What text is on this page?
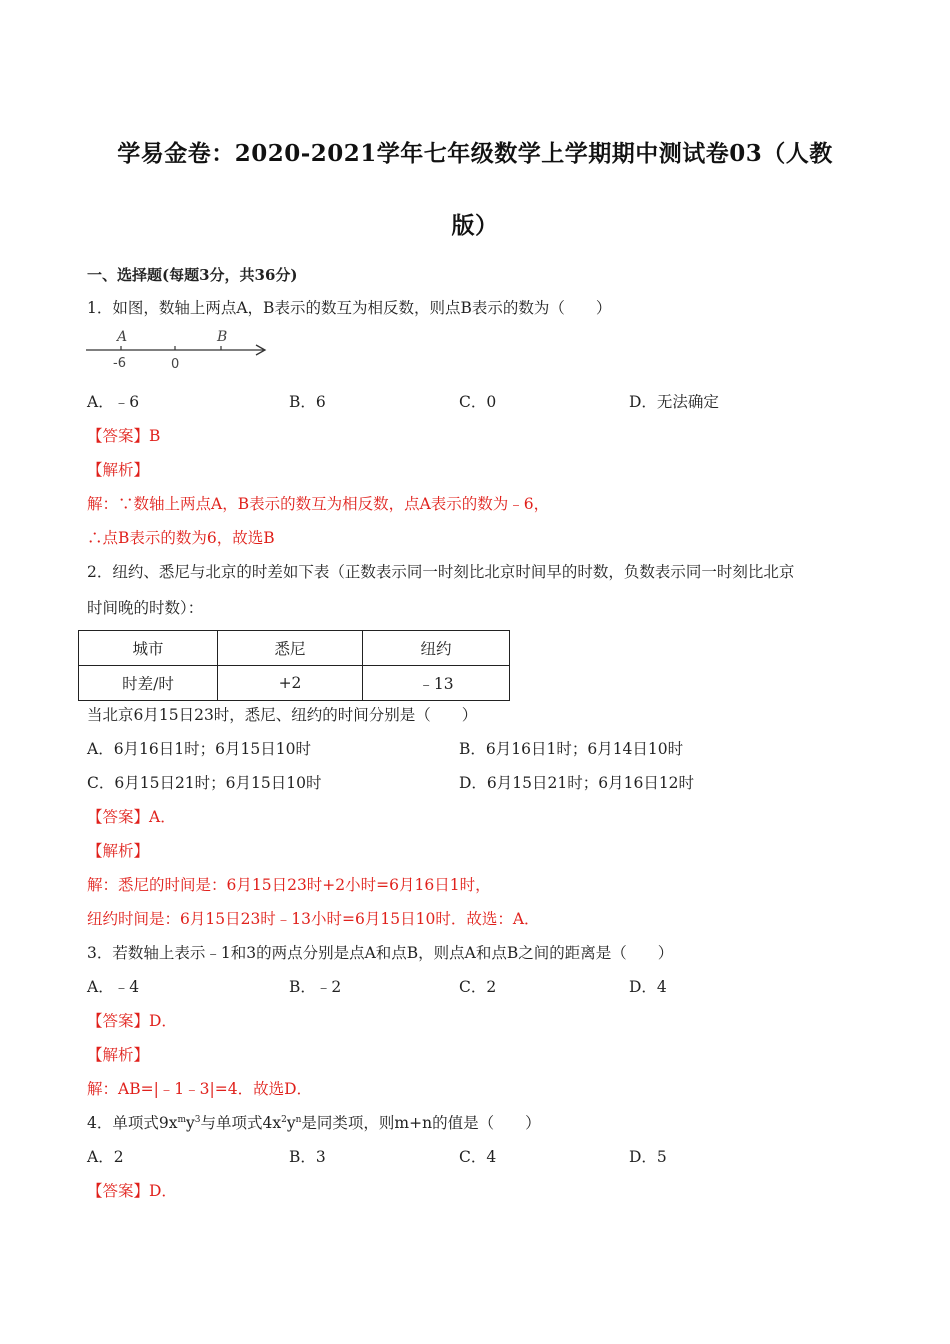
学易金卷：2020-2021学年七年级数学上学期期中测试卷03（人教
版）
一、选择题(每题3分，共36分)
1．如图，数轴上两点A，B表示的数互为相反数，则点B表示的数为（　　）
A	B
-6	0
A．﹣6	B．6	C．0	D．无法确定
【答案】B
【解析】
解：∵数轴上两点A，B表示的数互为相反数，点A表示的数为﹣6，
∴点B表示的数为6，故选B
2．纽约、悉尼与北京的时差如下表（正数表示同一时刻比北京时间早的时数，负数表示同一时刻比北京
时间晚的时数）：
城市	悉尼	纽约
时差/时	+2	﹣13
当北京6月15日23时，悉尼、纽约的时间分别是（　　）
A．6月16日1时；6月15日10时	B．6月16日1时；6月14日10时
C．6月15日21时；6月15日10时	D．6月15日21时；6月16日12时
【答案】A．
【解析】
解：悉尼的时间是：6月15日23时+2小时=6月16日1时，
纽约时间是：6月15日23时﹣13小时=6月15日10时．故选：A．
3．若数轴上表示﹣1和3的两点分别是点A和点B，则点A和点B之间的距离是（　　）
A．﹣4	B．﹣2	C．2	D．4
【答案】D．
【解析】
解：AB=|﹣1﹣3|=4．故选D．
4．单项式$9x^my^3$与单项式$4x^2y^n$是同类项，则m+n的值是（　　）
A．2	B．3	C．4	D．5
【答案】D．
